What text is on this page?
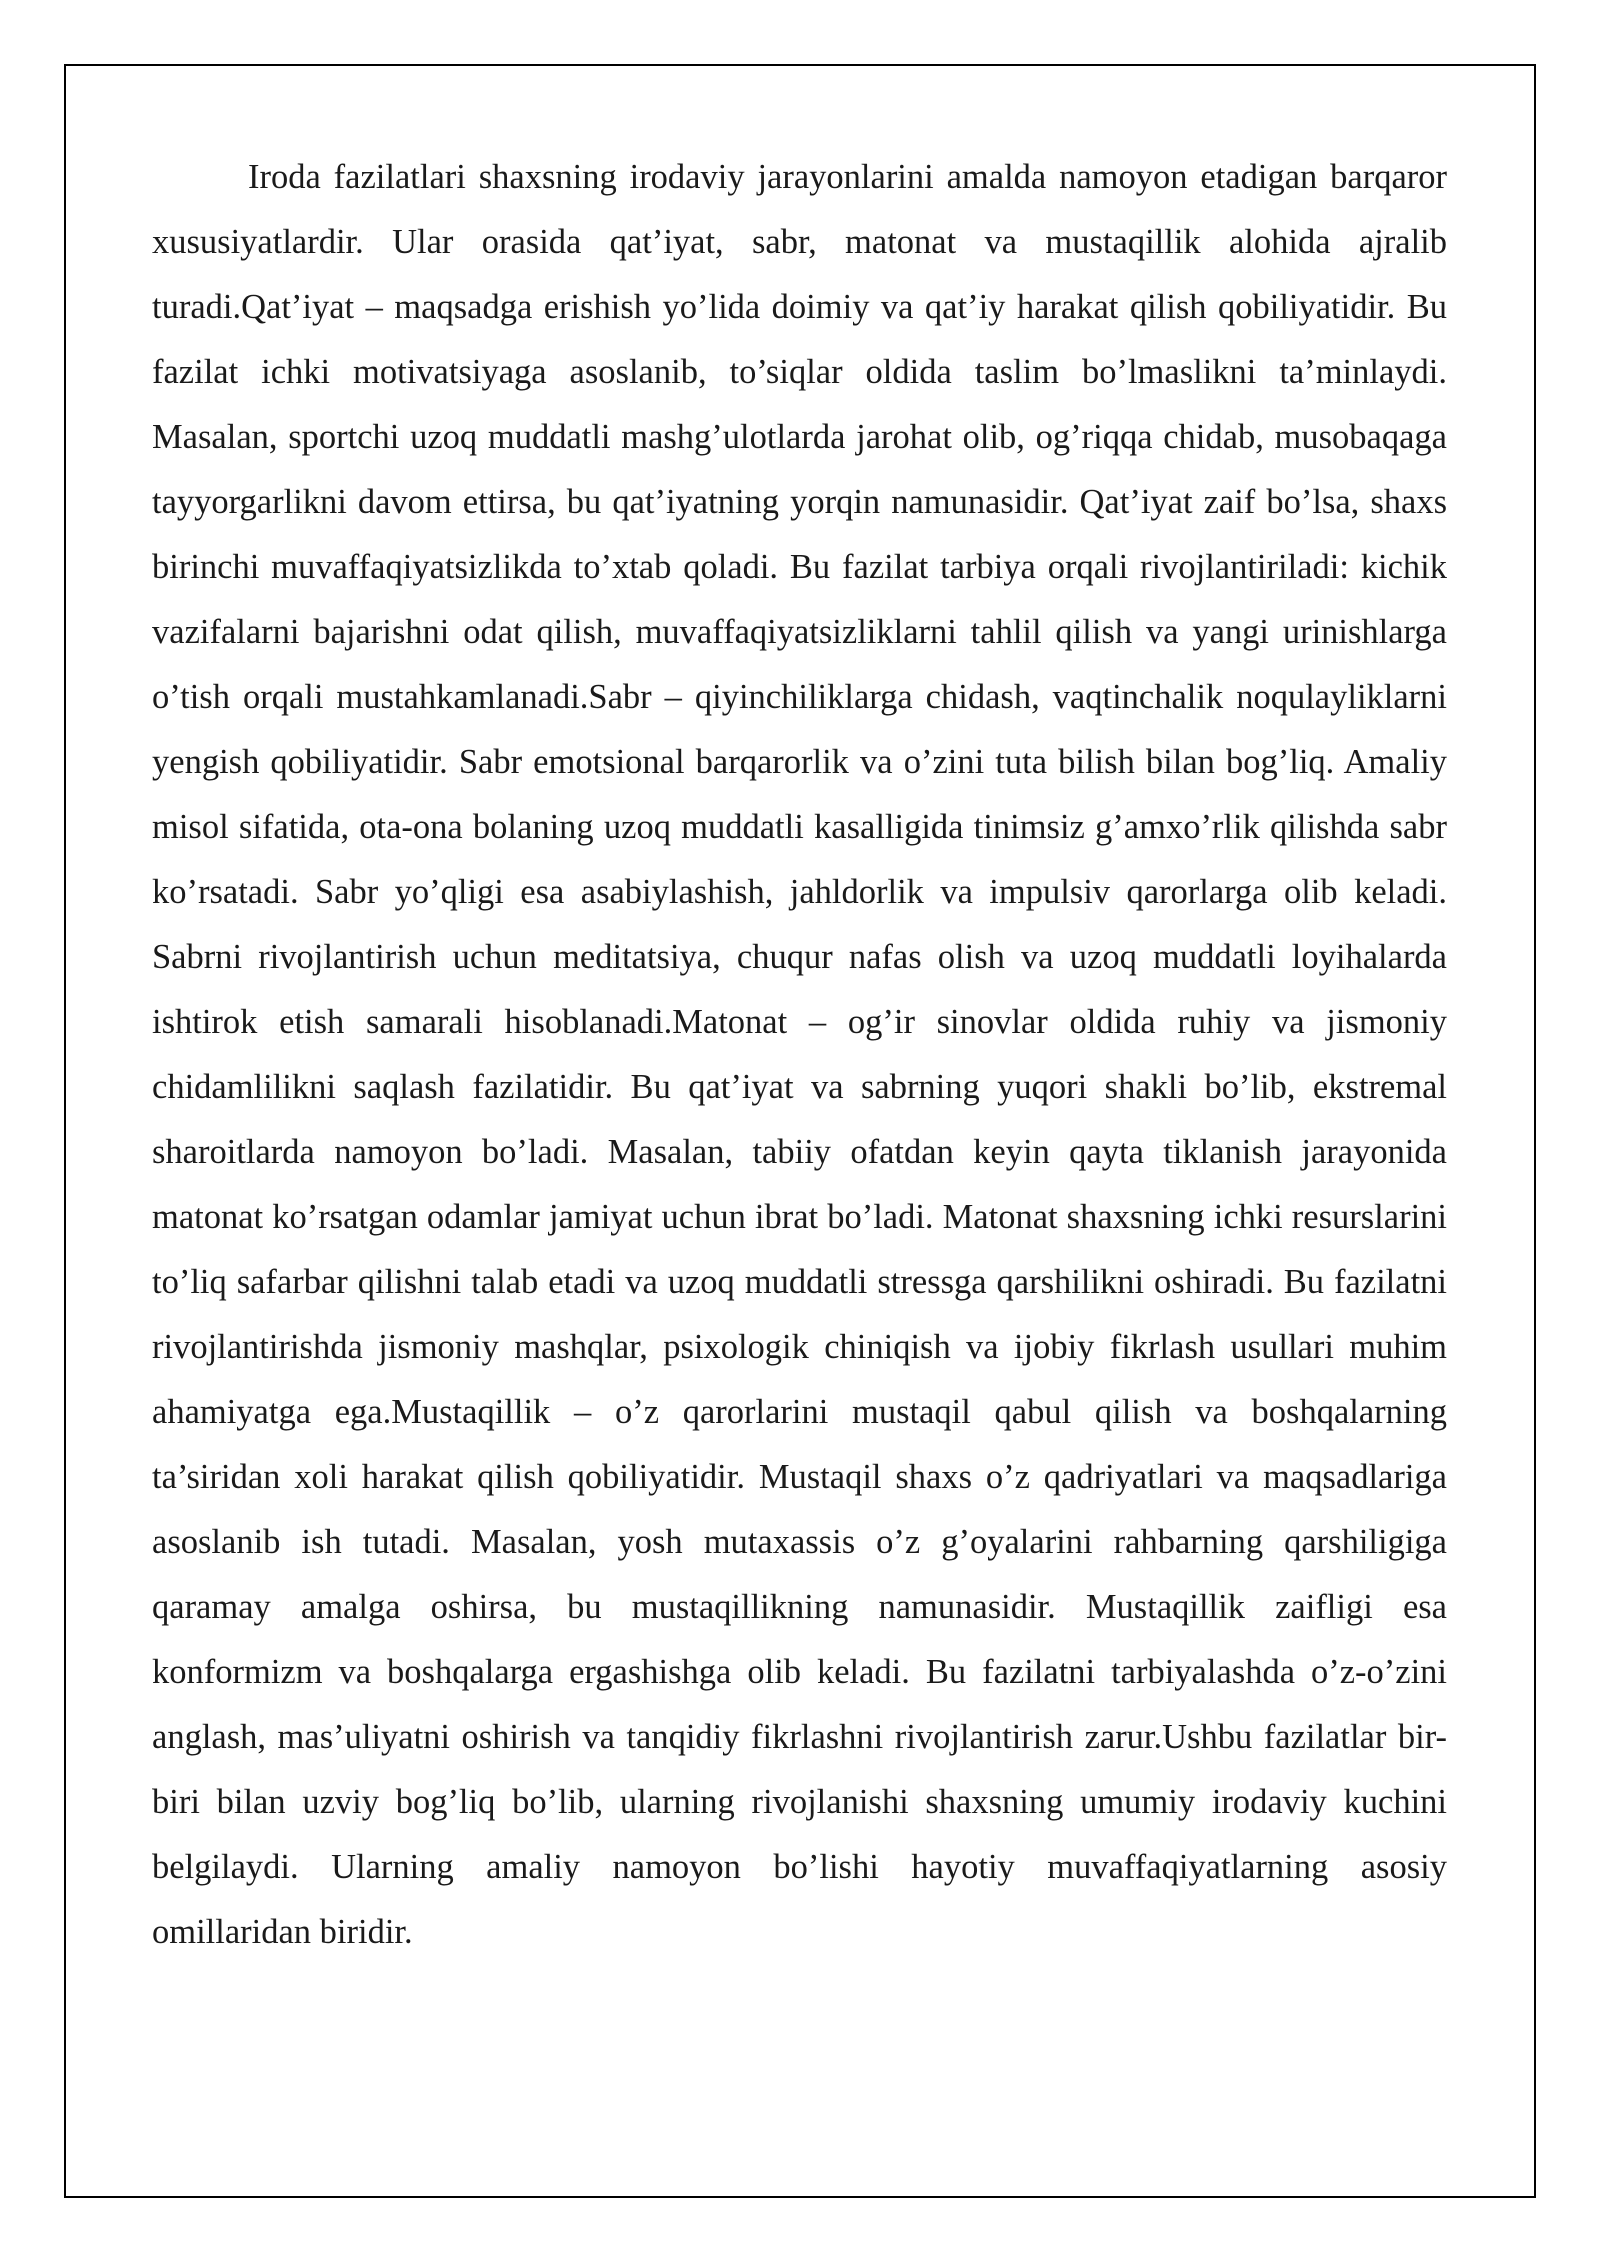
Iroda fazilatlari shaxsning irodaviy jarayonlarini amalda namoyon etadigan barqaror xususiyatlardir. Ular orasida qat’iyat, sabr, matonat va mustaqillik alohida ajralib turadi.Qat’iyat – maqsadga erishish yo’lida doimiy va qat’iy harakat qilish qobiliyatidir. Bu fazilat ichki motivatsiyaga asoslanib, to’siqlar oldida taslim bo’lmaslikni ta’minlaydi. Masalan, sportchi uzoq muddatli mashg’ulotlarda jarohat olib, og’riqqa chidab, musobaqaga tayyorgarlikni davom ettirsa, bu qat’iyatning yorqin namunasidir. Qat’iyat zaif bo’lsa, shaxs birinchi muvaffaqiyatsizlikda to’xtab qoladi. Bu fazilat tarbiya orqali rivojlantiriladi: kichik vazifalarni bajarishni odat qilish, muvaffaqiyatsizliklarni tahlil qilish va yangi urinishlarga o’tish orqali mustahkamlanadi.Sabr – qiyinchiliklarga chidash, vaqtinchalik noqulayliklarni yengish qobiliyatidir. Sabr emotsional barqarorlik va o’zini tuta bilish bilan bog’liq. Amaliy misol sifatida, ota-ona bolaning uzoq muddatli kasalligida tinimsiz g’amxo’rlik qilishda sabr ko’rsatadi. Sabr yo’qligi esa asabiylashish, jahldorlik va impulsiv qarorlarga olib keladi. Sabrni rivojlantirish uchun meditatsiya, chuqur nafas olish va uzoq muddatli loyihalarda ishtirok etish samarali hisoblanadi.Matonat – og’ir sinovlar oldida ruhiy va jismoniy chidamlilikni saqlash fazilatidir. Bu qat’iyat va sabrning yuqori shakli bo’lib, ekstremal sharoitlarda namoyon bo’ladi. Masalan, tabiiy ofatdan keyin qayta tiklanish jarayonida matonat ko’rsatgan odamlar jamiyat uchun ibrat bo’ladi. Matonat shaxsning ichki resurslarini to’liq safarbar qilishni talab etadi va uzoq muddatli stressga qarshilikni oshiradi. Bu fazilatni rivojlantirishda jismoniy mashqlar, psixologik chiniqish va ijobiy fikrlash usullari muhim ahamiyatga ega.Mustaqillik – o’z qarorlarini mustaqil qabul qilish va boshqalarning ta’siridan xoli harakat qilish qobiliyatidir. Mustaqil shaxs o’z qadriyatlari va maqsadlariga asoslanib ish tutadi. Masalan, yosh mutaxassis o’z g’oyalarini rahbarning qarshiligiga qaramay amalga oshirsa, bu mustaqillikning namunasidir. Mustaqillik zaifligi esa konformizm va boshqalarga ergashishga olib keladi. Bu fazilatni tarbiyalashda o’z-o’zini anglash, mas’uliyatni oshirish va tanqidiy fikrlashni rivojlantirish zarur.Ushbu fazilatlar bir-biri bilan uzviy bog’liq bo’lib, ularning rivojlanishi shaxsning umumiy irodaviy kuchini belgilaydi. Ularning amaliy namoyon bo’lishi hayotiy muvaffaqiyatlarning asosiy omillaridan biridir.
